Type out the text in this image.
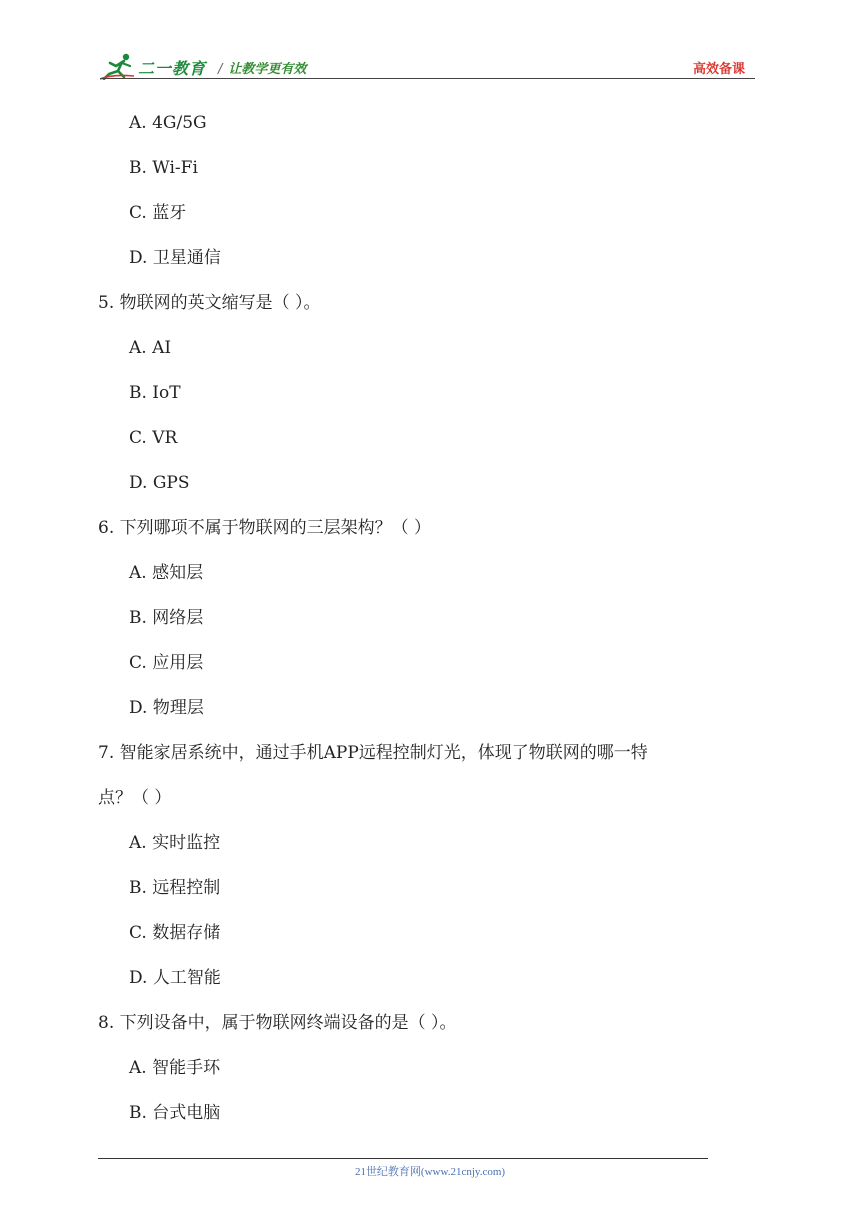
二一教育 / 让教学更有效	高效备课
A. 4G/5G
B. Wi-Fi
C. 蓝牙
D. 卫星通信
5. 物联网的英文缩写是（ ）。
A. AI
B. IoT
C. VR
D. GPS
6. 下列哪项不属于物联网的三层架构？（ ）
A. 感知层
B. 网络层
C. 应用层
D. 物理层
7. 智能家居系统中，通过手机APP远程控制灯光，体现了物联网的哪一特
点？（ ）
A. 实时监控
B. 远程控制
C. 数据存储
D. 人工智能
8. 下列设备中，属于物联网终端设备的是（ ）。
A. 智能手环
B. 台式电脑
21世纪教育网(www.21cnjy.com)
